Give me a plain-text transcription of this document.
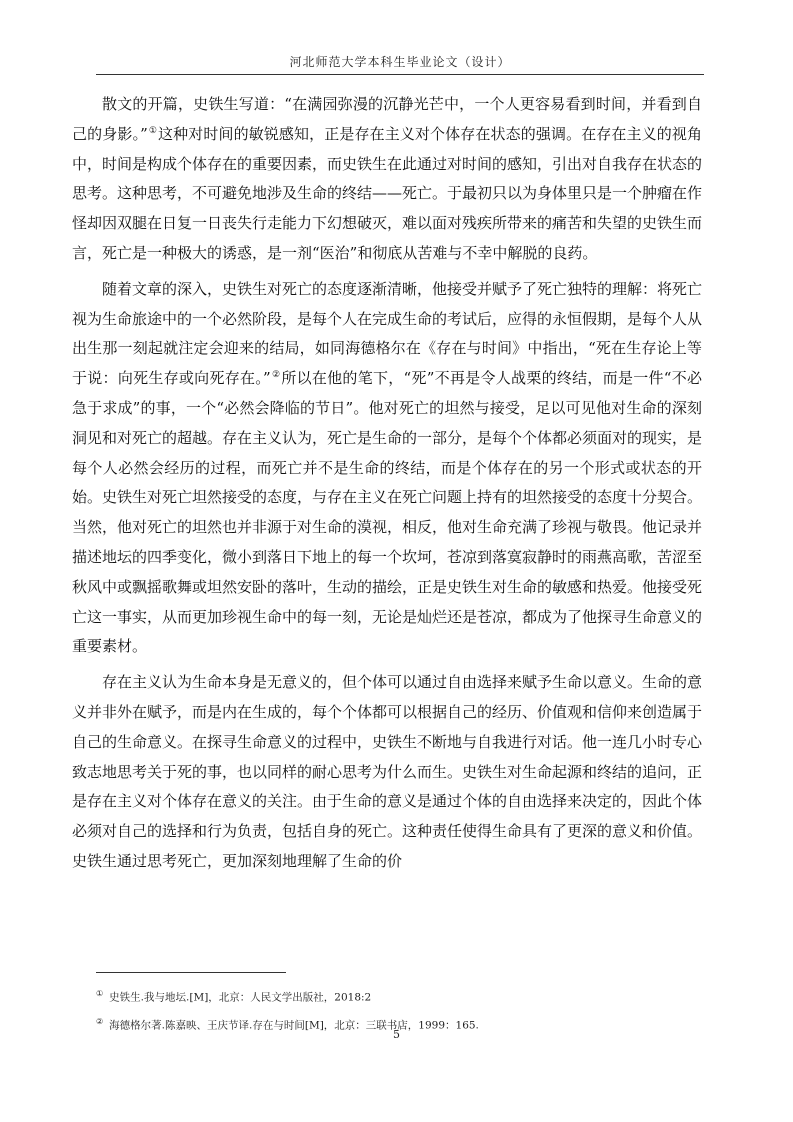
河北师范大学本科生毕业论文（设计）

散文的开篇，史铁生写道：“在满园弥漫的沉静光芒中，一个人更容易看到时间，并看到自己的身影。”①这种对时间的敏锐感知，正是存在主义对个体存在状态的强调。在存在主义的视角中，时间是构成个体存在的重要因素，而史铁生在此通过对时间的感知，引出对自我存在状态的思考。这种思考，不可避免地涉及生命的终结——死亡。于最初只以为身体里只是一个肿瘤在作怪却因双腿在日复一日丧失行走能力下幻想破灭，难以面对残疾所带来的痛苦和失望的史铁生而言，死亡是一种极大的诱惑，是一剂“医治”和彻底从苦难与不幸中解脱的良药。

随着文章的深入，史铁生对死亡的态度逐渐清晰，他接受并赋予了死亡独特的理解：将死亡视为生命旅途中的一个必然阶段，是每个人在完成生命的考试后，应得的永恒假期，是每个人从出生那一刻起就注定会迎来的结局，如同海德格尔在《存在与时间》中指出，“死在生存论上等于说：向死生存或向死存在。”②所以在他的笔下，“死”不再是令人战栗的终结，而是一件“不必急于求成”的事，一个“必然会降临的节日”。他对死亡的坦然与接受，足以可见他对生命的深刻洞见和对死亡的超越。存在主义认为，死亡是生命的一部分，是每个个体都必须面对的现实，是每个人必然会经历的过程，而死亡并不是生命的终结，而是个体存在的另一个形式或状态的开始。史铁生对死亡坦然接受的态度，与存在主义在死亡问题上持有的坦然接受的态度十分契合。当然，他对死亡的坦然也并非源于对生命的漠视，相反，他对生命充满了珍视与敬畏。他记录并描述地坛的四季变化，微小到落日下地上的每一个坎坷，苍凉到落寞寂静时的雨燕高歌，苦涩至秋风中或飘摇歌舞或坦然安卧的落叶，生动的描绘，正是史铁生对生命的敏感和热爱。他接受死亡这一事实，从而更加珍视生命中的每一刻，无论是灿烂还是苍凉，都成为了他探寻生命意义的重要素材。

存在主义认为生命本身是无意义的，但个体可以通过自由选择来赋予生命以意义。生命的意义并非外在赋予，而是内在生成的，每个个体都可以根据自己的经历、价值观和信仰来创造属于自己的生命意义。在探寻生命意义的过程中，史铁生不断地与自我进行对话。他一连几小时专心致志地思考关于死的事，也以同样的耐心思考为什么而生。史铁生对生命起源和终结的追问，正是存在主义对个体存在意义的关注。由于生命的意义是通过个体的自由选择来决定的，因此个体必须对自己的选择和行为负责，包括自身的死亡。这种责任使得生命具有了更深的意义和价值。史铁生通过思考死亡，更加深刻地理解了生命的价

① 史铁生.我与地坛.[M]，北京：人民文学出版社，2018:2

② 海德格尔著.陈嘉映、王庆节译.存在与时间[M]，北京：三联书店，1999：165.

5
